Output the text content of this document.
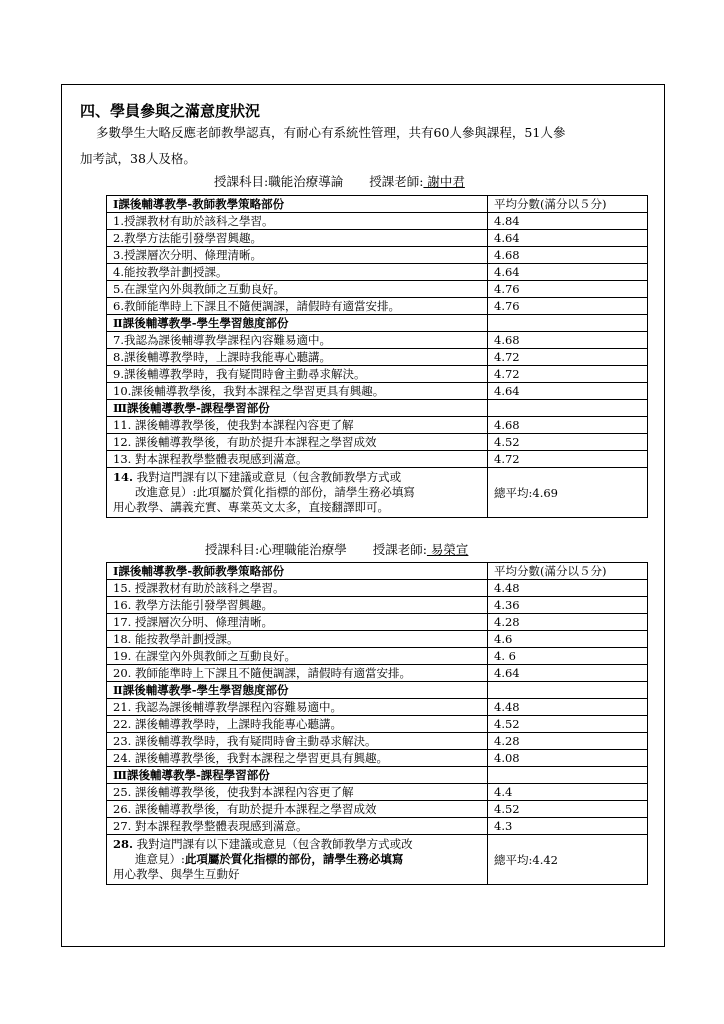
四、學員參與之滿意度狀況
多數學生大略反應老師教學認真，有耐心有系統性管理，共有60人參與課程，51人參
加考試，38人及格。
授課科目:職能治療導論 授課老師: 謝中君
Ⅰ課後輔導教學-教師教學策略部份	平均分數(滿分以５分)
1.授課教材有助於該科之學習。	4.84
2.教學方法能引發學習興趣。	4.64
3.授課層次分明、條理清晰。	4.68
4.能按教學計劃授課。	4.64
5.在課堂內外與教師之互動良好。	4.76
6.教師能準時上下課且不隨便調課，請假時有適當安排。	4.76
Ⅱ課後輔導教學-學生學習態度部份	
7.我認為課後輔導教學課程內容難易適中。	4.68
8.課後輔導教學時，上課時我能專心聽講。	4.72
9.課後輔導教學時，我有疑問時會主動尋求解決。	4.72
10.課後輔導教學後，我對本課程之學習更具有興趣。	4.64
Ⅲ課後輔導教學-課程學習部份	
11. 課後輔導教學後，使我對本課程內容更了解	4.68
12. 課後輔導教學後，有助於提升本課程之學習成效	4.52
13. 對本課程教學整體表現感到滿意。	4.72

14. 我對這門課有以下建議或意見（包含教師教學方式或
改進意見）:此項屬於質化指標的部份，請學生務必填寫
用心教學、講義充實、專業英文太多，直接翻譯即可。	總平均:4.69
授課科目:心理職能治療學 授課老師: 易榮宣
Ⅰ課後輔導教學-教師教學策略部份	平均分數(滿分以５分)
15. 授課教材有助於該科之學習。	4.48
16. 教學方法能引發學習興趣。	4.36
17. 授課層次分明、條理清晰。	4.28
18. 能按教學計劃授課。	4.6
19. 在課堂內外與教師之互動良好。	4. 6
20. 教師能準時上下課且不隨便調課，請假時有適當安排。	4.64
Ⅱ課後輔導教學-學生學習態度部份	
21. 我認為課後輔導教學課程內容難易適中。	4.48
22. 課後輔導教學時，上課時我能專心聽講。	4.52
23. 課後輔導教學時，我有疑問時會主動尋求解決。	4.28
24. 課後輔導教學後，我對本課程之學習更具有興趣。	4.08
Ⅲ課後輔導教學-課程學習部份	
25. 課後輔導教學後，使我對本課程內容更了解	4.4
26. 課後輔導教學後，有助於提升本課程之學習成效	4.52
27. 對本課程教學整體表現感到滿意。	4.3

28. 我對這門課有以下建議或意見（包含教師教學方式或改
進意見）:此項屬於質化指標的部份，請學生務必填寫
用心教學、與學生互動好	總平均:4.42
